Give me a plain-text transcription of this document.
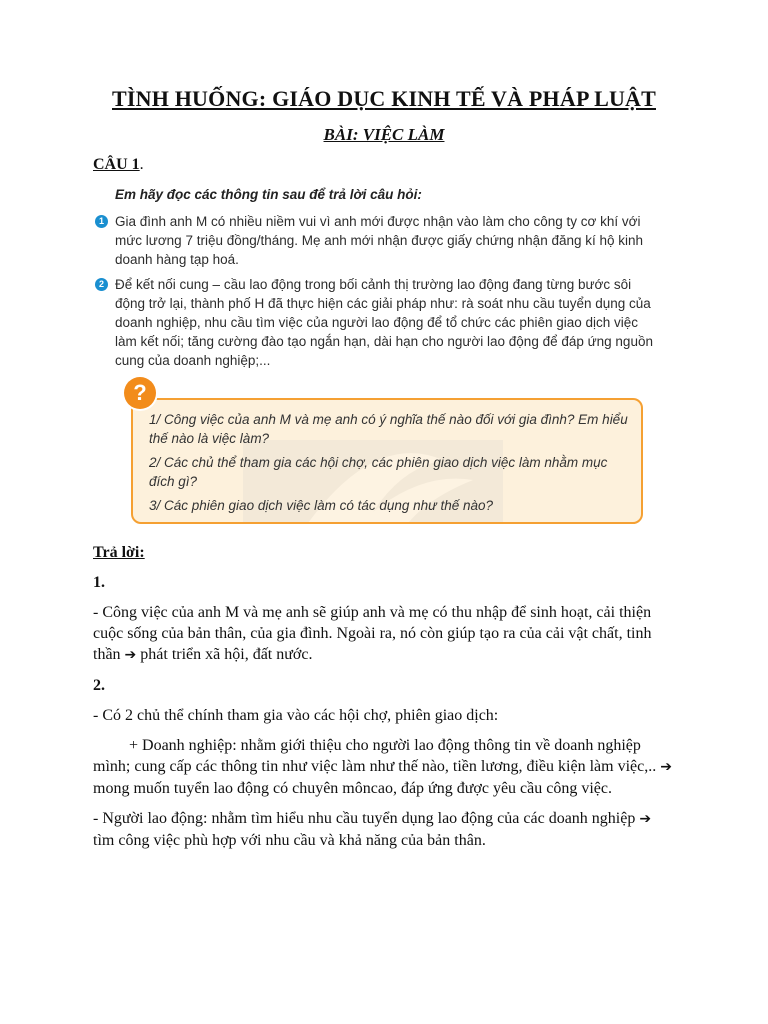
TÌNH HUỐNG: GIÁO DỤC KINH TẾ VÀ PHÁP LUẬT
BÀI: VIỆC LÀM
CÂU 1.
Em hãy đọc các thông tin sau để trả lời câu hỏi:
1 Gia đình anh M có nhiều niềm vui vì anh mới được nhận vào làm cho công ty cơ khí với mức lương 7 triệu đồng/tháng. Mẹ anh mới nhận được giấy chứng nhận đăng kí hộ kinh doanh hàng tạp hoá.
2 Để kết nối cung – cầu lao động trong bối cảnh thị trường lao động đang từng bước sôi động trở lại, thành phố H đã thực hiện các giải pháp như: rà soát nhu cầu tuyển dụng của doanh nghiệp, nhu cầu tìm việc của người lao động để tổ chức các phiên giao dịch việc làm kết nối; tăng cường đào tạo ngắn hạn, dài hạn cho người lao động để đáp ứng nguồn cung của doanh nghiệp;...
?

1/ Công việc của anh M và mẹ anh có ý nghĩa thế nào đối với gia đình? Em hiểu thế nào là việc làm?

2/ Các chủ thể tham gia các hội chợ, các phiên giao dịch việc làm nhằm mục đích gì?

3/ Các phiên giao dịch việc làm có tác dụng như thế nào?

Trả lời:
1.

- Công việc của anh M và mẹ anh sẽ giúp anh và mẹ có thu nhập để sinh hoạt, cải thiện cuộc sống của bản thân, của gia đình. Ngoài ra, nó còn giúp tạo ra của cải vật chất, tinh thần ➔ phát triển xã hội, đất nước.

2.

- Có 2 chủ thể chính tham gia vào các hội chợ, phiên giao dịch:

+ Doanh nghiệp: nhằm giới thiệu cho người lao động thông tin về doanh nghiệp mình; cung cấp các thông tin như việc làm như thế nào, tiền lương, điều kiện làm việc,.. ➔ mong muốn tuyển lao động có chuyên môncao, đáp ứng được yêu cầu công việc.

- Người lao động: nhằm tìm hiểu nhu cầu tuyển dụng lao động của các doanh nghiệp ➔ tìm công việc phù hợp với nhu cầu và khả năng của bản thân.
